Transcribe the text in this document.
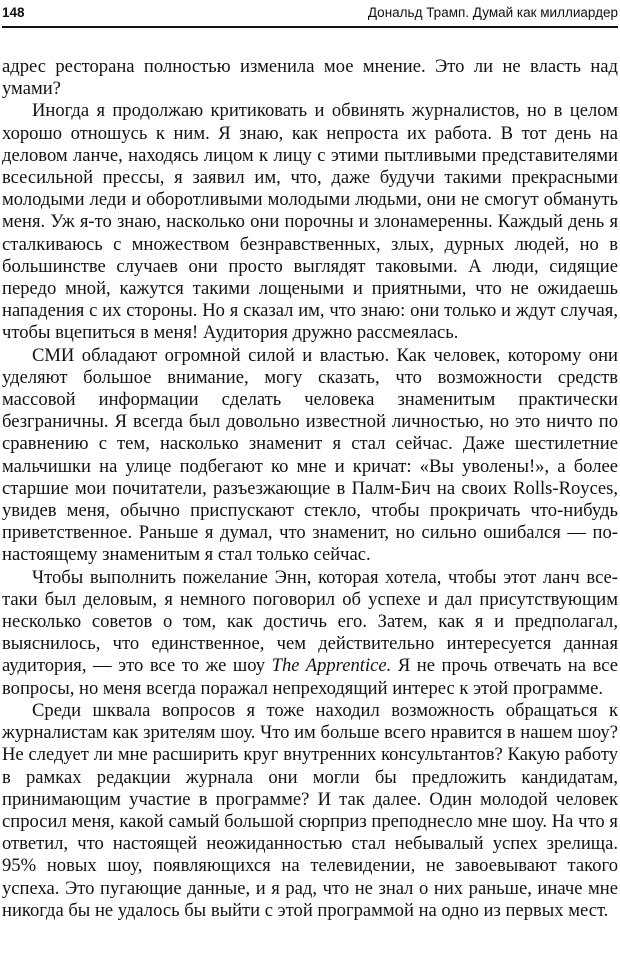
148	Дональд Трамп. Думай как миллиардер

адрес ресторана полностью изменила мое мнение. Это ли не власть над умами?

Иногда я продолжаю критиковать и обвинять журналистов, но в целом хорошо отношусь к ним. Я знаю, как непроста их работа. В тот день на деловом ланче, находясь лицом к лицу с этими пытливыми представителями всесильной прессы, я заявил им, что, даже будучи такими прекрасными молодыми леди и оборотливыми молодыми людьми, они не смогут обмануть меня. Уж я-то знаю, насколько они порочны и злонамеренны. Каждый день я сталкиваюсь с множеством безнравственных, злых, дурных людей, но в большинстве случаев они просто выглядят таковыми. А люди, сидящие передо мной, кажутся такими лощеными и приятными, что не ожидаешь нападения с их стороны. Но я сказал им, что знаю: они только и ждут случая, чтобы вцепиться в меня! Аудитория дружно рассмеялась.

СМИ обладают огромной силой и властью. Как человек, которому они уделяют большое внимание, могу сказать, что возможности средств массовой информации сделать человека знаменитым практически безграничны. Я всегда был довольно известной личностью, но это ничто по сравнению с тем, насколько знаменит я стал сейчас. Даже шестилетние мальчишки на улице подбегают ко мне и кричат: «Вы уволены!», а более старшие мои почитатели, разъезжающие в Палм-Бич на своих Rolls-Royces, увидев меня, обычно приспускают стекло, чтобы прокричать что-нибудь приветственное. Раньше я думал, что знаменит, но сильно ошибался — по-настоящему знаменитым я стал только сейчас.

Чтобы выполнить пожелание Энн, которая хотела, чтобы этот ланч все-таки был деловым, я немного поговорил об успехе и дал присутствующим несколько советов о том, как достичь его. Затем, как я и предполагал, выяснилось, что единственное, чем действительно интересуется данная аудитория, — это все то же шоу The Apprentice. Я не прочь отвечать на все вопросы, но меня всегда поражал непреходящий интерес к этой программе.

Среди шквала вопросов я тоже находил возможность обращаться к журналистам как зрителям шоу. Что им больше всего нравится в нашем шоу? Не следует ли мне расширить круг внутренних консультантов? Какую работу в рамках редакции журнала они могли бы предложить кандидатам, принимающим участие в программе? И так далее. Один молодой человек спросил меня, какой самый большой сюрприз преподнесло мне шоу. На что я ответил, что настоящей неожиданностью стал небывалый успех зрелища. 95% новых шоу, появляющихся на телевидении, не завоевывают такого успеха. Это пугающие данные, и я рад, что не знал о них раньше, иначе мне никогда бы не удалось бы выйти с этой программой на одно из первых мест.
